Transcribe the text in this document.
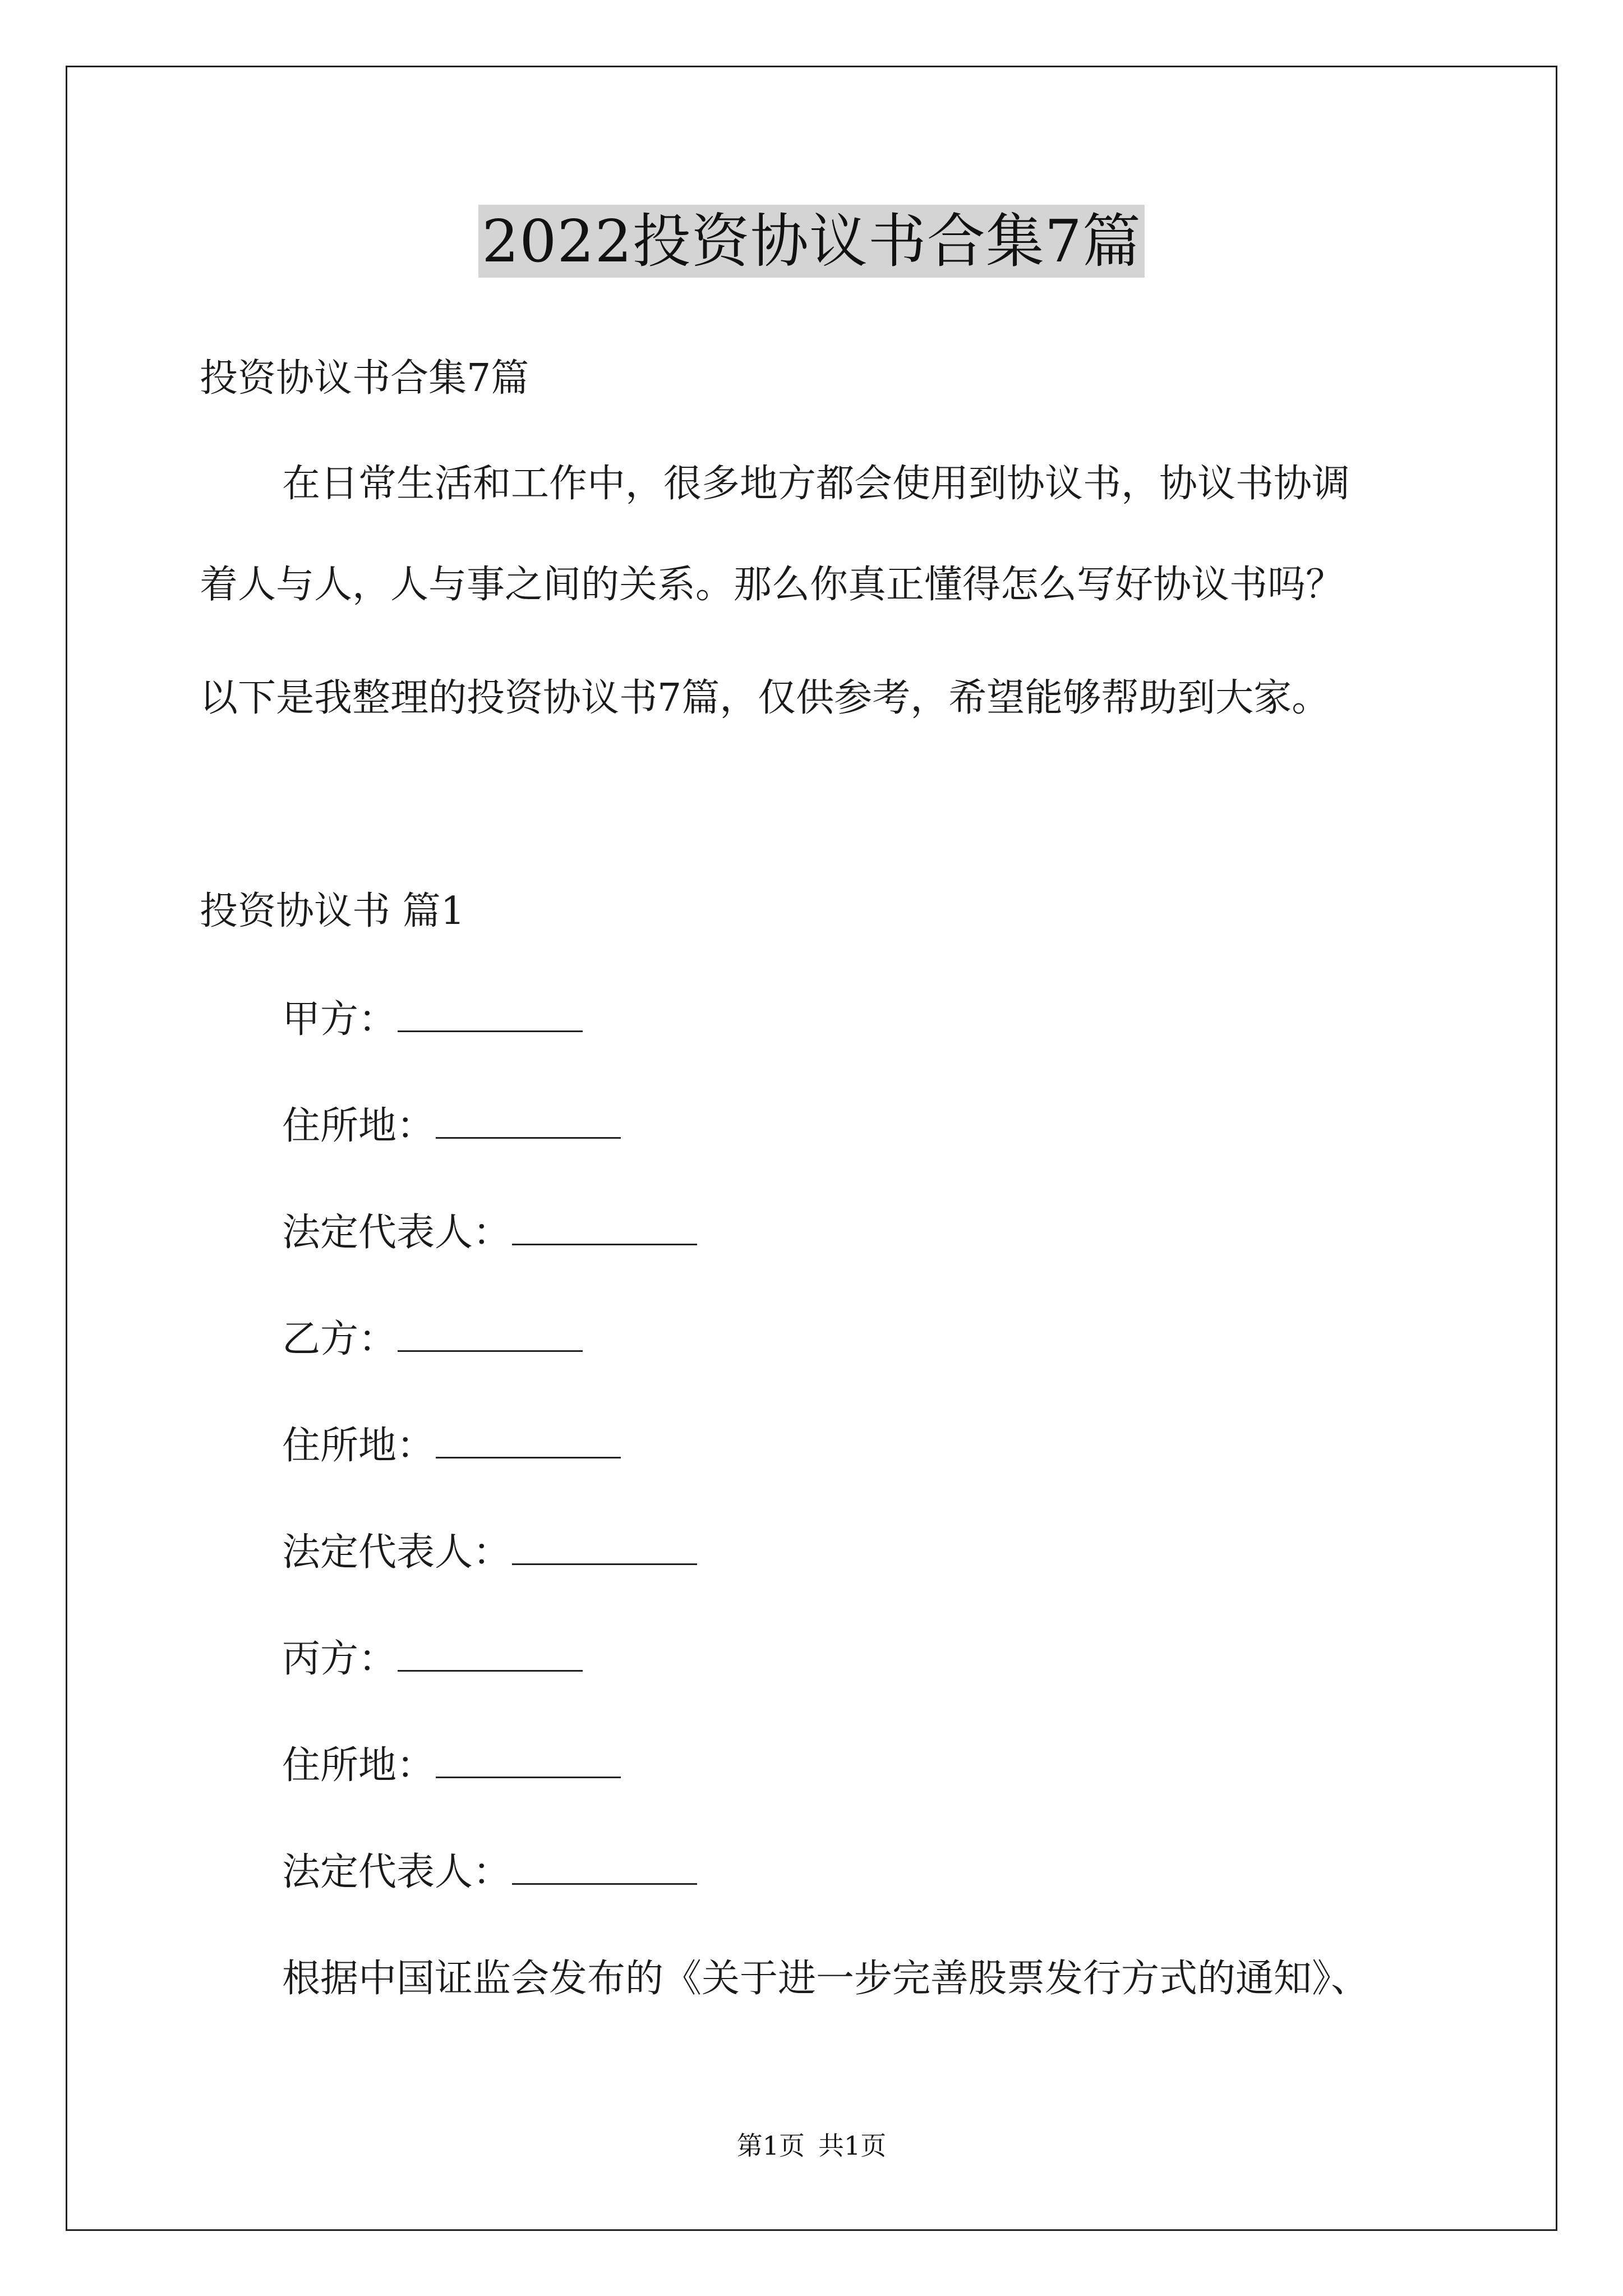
2022投资协议书合集7篇
投资协议书合集7篇
在日常生活和工作中，很多地方都会使用到协议书，协议书协调
着人与人，人与事之间的关系。那么你真正懂得怎么写好协议书吗？
以下是我整理的投资协议书7篇，仅供参考，希望能够帮助到大家。
投资协议书 篇1
甲方：
住所地：
法定代表人：
乙方：
住所地：
法定代表人：
丙方：
住所地：
法定代表人：
根据中国证监会发布的《关于进一步完善股票发行方式的通知》、
第1页 共1页
